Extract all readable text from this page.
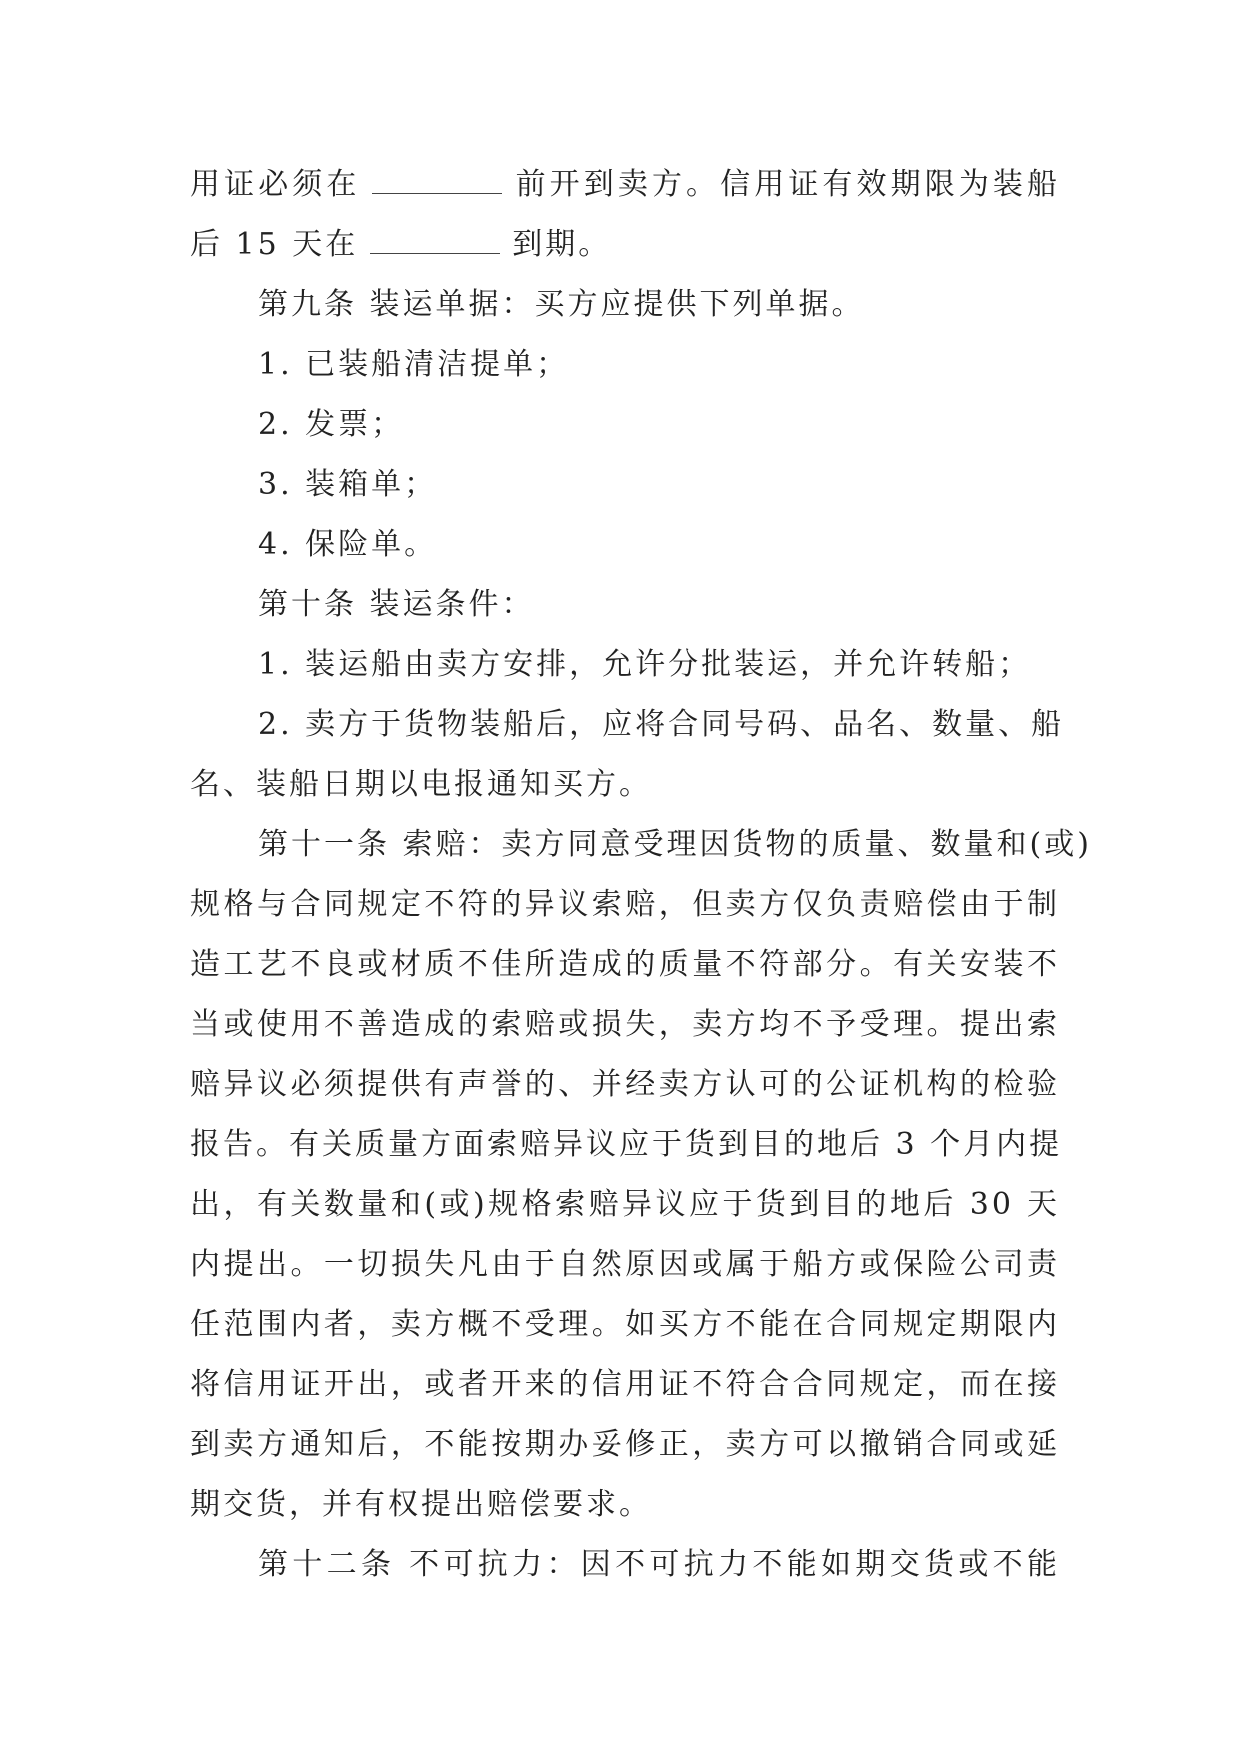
用证必须在	前开到卖方。信用证有效期限为装船
后 15 天在	到期。
第九条 装运单据：买方应提供下列单据。
1. 已装船清洁提单；
2. 发票；
3. 装箱单；
4. 保险单。
第十条 装运条件：
1. 装运船由卖方安排，允许分批装运，并允许转船；
2. 卖方于货物装船后，应将合同号码、品名、数量、船
名、装船日期以电报通知买方。
第十一条 索赔：卖方同意受理因货物的质量、数量和(或)
规格与合同规定不符的异议索赔，但卖方仅负责赔偿由于制
造工艺不良或材质不佳所造成的质量不符部分。有关安装不
当或使用不善造成的索赔或损失，卖方均不予受理。提出索
赔异议必须提供有声誉的、并经卖方认可的公证机构的检验
报告。有关质量方面索赔异议应于货到目的地后 3 个月内提
出，有关数量和(或)规格索赔异议应于货到目的地后 30 天
内提出。一切损失凡由于自然原因或属于船方或保险公司责
任范围内者，卖方概不受理。如买方不能在合同规定期限内
将信用证开出，或者开来的信用证不符合合同规定，而在接
到卖方通知后，不能按期办妥修正，卖方可以撤销合同或延
期交货，并有权提出赔偿要求。
第十二条 不可抗力：因不可抗力不能如期交货或不能
